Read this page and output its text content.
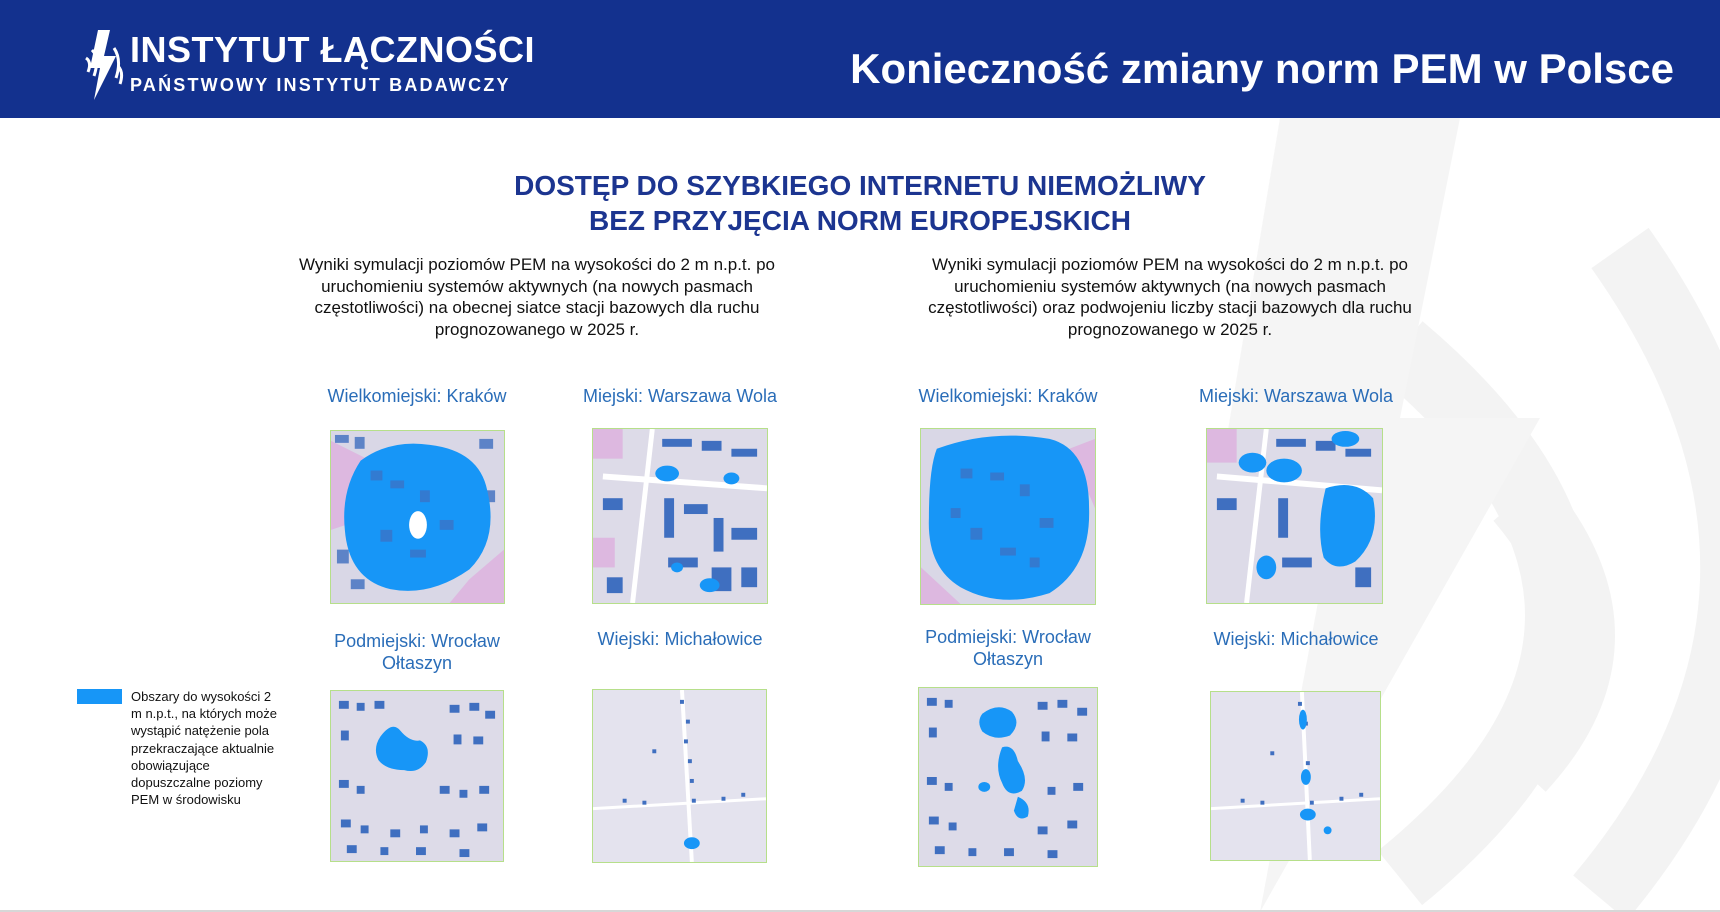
INSTYTUT ŁĄCZNOŚCI
PAŃSTWOWY INSTYTUT BADAWCZY	Konieczność zmiany norm PEM w Polsce
DOSTĘP DO SZYBKIEGO INTERNETU NIEMOŻLIWY
BEZ PRZYJĘCIA NORM EUROPEJSKICH
Wyniki symulacji poziomów PEM na wysokości do 2 m n.p.t. po uruchomieniu systemów aktywnych (na nowych pasmach częstotliwości) na obecnej siatce stacji bazowych dla ruchu prognozowanego w 2025 r.
Wyniki symulacji poziomów PEM na wysokości do 2 m n.p.t. po uruchomieniu systemów aktywnych (na nowych pasmach częstotliwości) oraz podwojeniu liczby stacji bazowych dla ruchu prognozowanego w 2025 r.
Wielkomiejski: Kraków	Miejski: Warszawa Wola
Podmiejski: Wrocław Ołtaszyn
Wiejski: Michałowice
Wielkomiejski: Kraków	Miejski: Warszawa Wola
Podmiejski: Wrocław Ołtaszyn
Wiejski: Michałowice
Obszary do wysokości 2 m n.p.t., na których może wystąpić natężenie pola przekraczające aktualnie obowiązujące dopuszczalne poziomy PEM w środowisku
